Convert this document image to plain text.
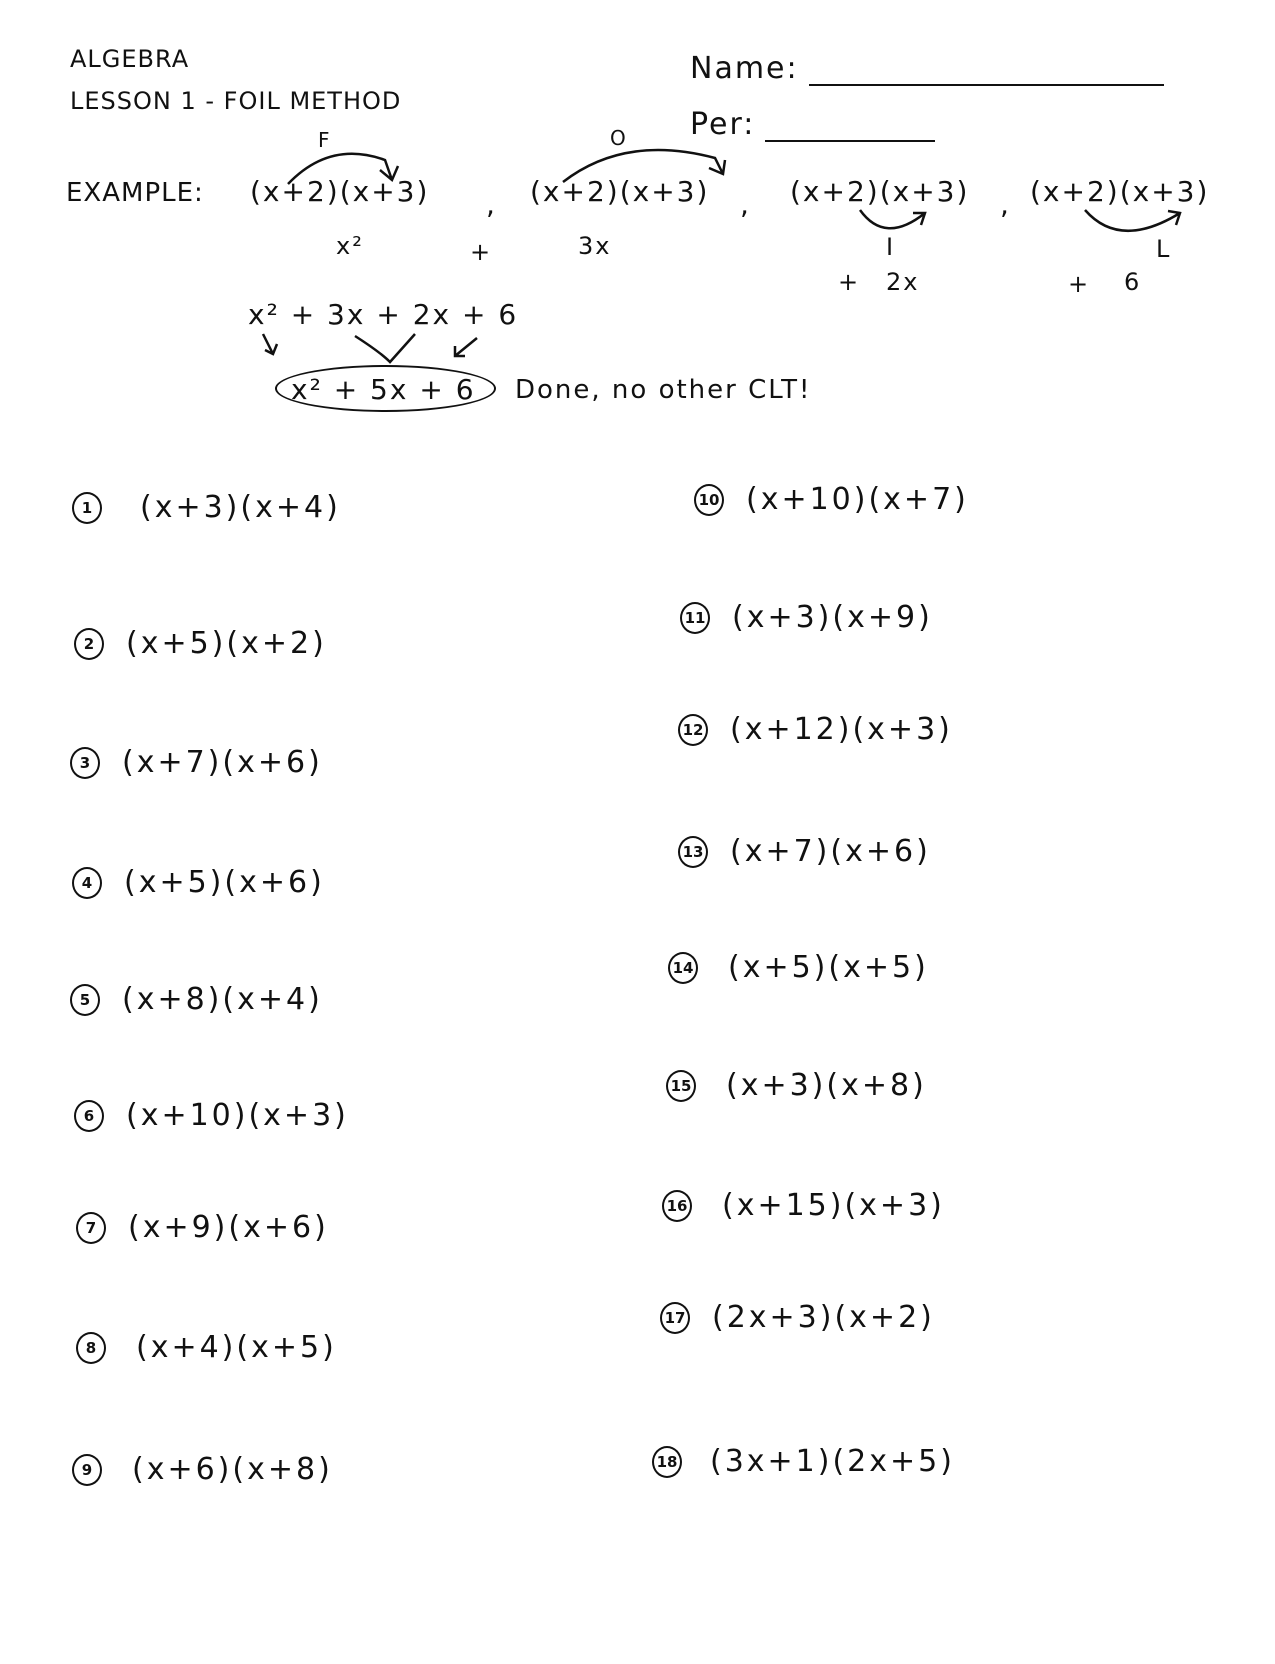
ALGEBRA
LESSON 1 - FOIL METHOD
Name:
Per:
EXAMPLE:
F
(x+2)(x+3) ,
x²
O
(x+2)(x+3) ,
+	3x
(x+2)(x+3) ,
I
+ 2x
(x+2)(x+3)
L
+ 6
x² + 3x + 2x + 6
x² + 5x + 6	Done, no other CLT!
1	(x+3)(x+4)
2	(x+5)(x+2)
3	(x+7)(x+6)
4	(x+5)(x+6)
5	(x+8)(x+4)
6	(x+10)(x+3)
7	(x+9)(x+6)
8	(x+4)(x+5)
9	(x+6)(x+8)
10 (x+10)(x+7)
11 (x+3)(x+9)
12 (x+12)(x+3)
13 (x+7)(x+6)
14 (x+5)(x+5)
15 (x+3)(x+8)
16 (x+15)(x+3)
17 (2x+3)(x+2)
18 (3x+1)(2x+5)
